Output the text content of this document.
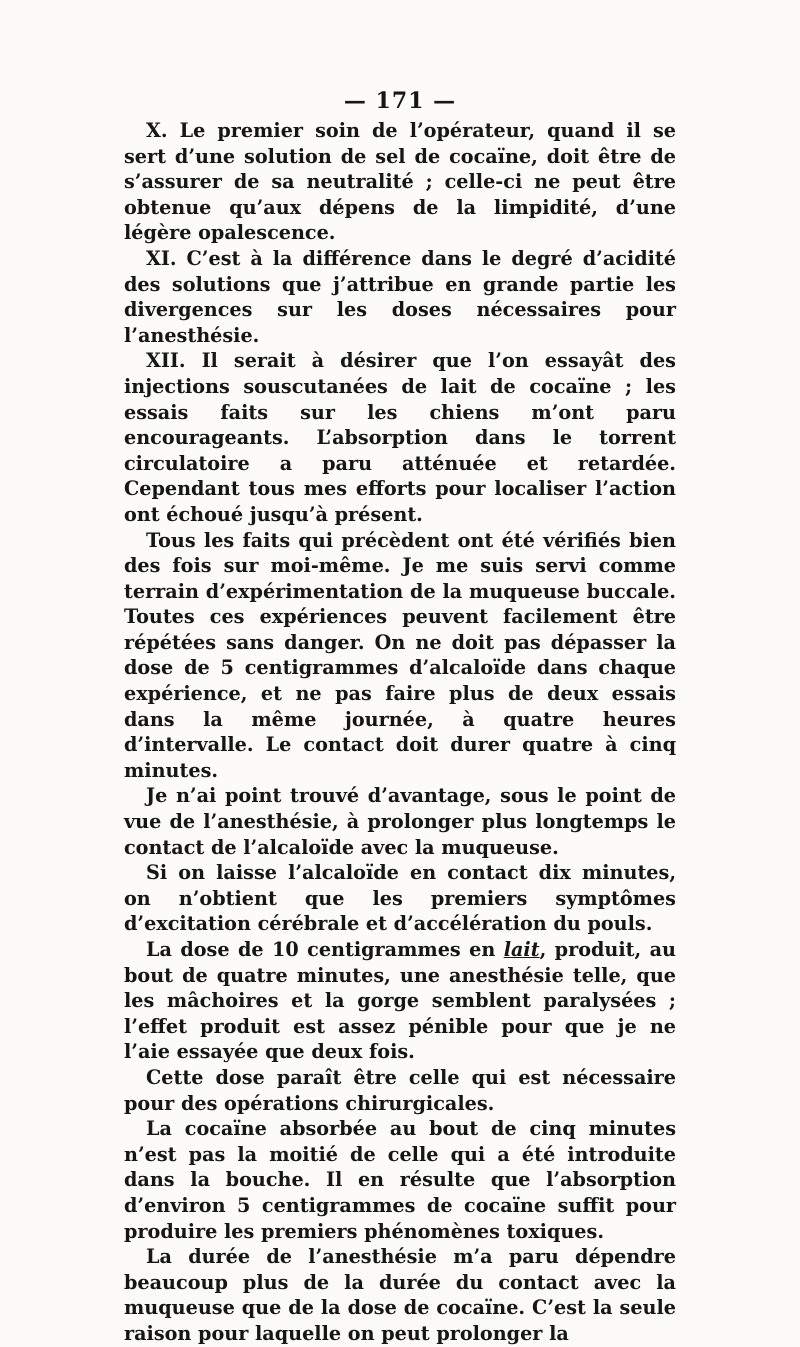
— 171 —

X. Le premier soin de l’opérateur, quand il se sert d’une solution de sel de cocaïne, doit être de s’assurer de sa neutralité ; celle-ci ne peut être obtenue qu’aux dépens de la limpidité, d’une légère opalescence.

XI. C’est à la différence dans le degré d’acidité des solutions que j’attribue en grande partie les divergences sur les doses nécessaires pour l’anesthésie.

XII. Il serait à désirer que l’on essayât des injections souscutanées de lait de cocaïne ; les essais faits sur les chiens m’ont paru encourageants. L’absorption dans le torrent circulatoire a paru atténuée et retardée. Cependant tous mes efforts pour localiser l’action ont échoué jusqu’à présent.

Tous les faits qui précèdent ont été vérifiés bien des fois sur moi-même. Je me suis servi comme terrain d’expérimentation de la muqueuse buccale. Toutes ces expériences peuvent facilement être répétées sans danger. On ne doit pas dépasser la dose de 5 centigrammes d’alcaloïde dans chaque expérience, et ne pas faire plus de deux essais dans la même journée, à quatre heures d’intervalle. Le contact doit durer quatre à cinq minutes.

Je n’ai point trouvé d’avantage, sous le point de vue de l’anesthésie, à prolonger plus longtemps le contact de l’alcaloïde avec la muqueuse.

Si on laisse l’alcaloïde en contact dix minutes, on n’obtient que les premiers symptômes d’excitation cérébrale et d’accélération du pouls.

La dose de 10 centigrammes en lait, produit, au bout de quatre minutes, une anesthésie telle, que les mâchoires et la gorge semblent paralysées ; l’effet produit est assez pénible pour que je ne l’aie essayée que deux fois.

Cette dose paraît être celle qui est nécessaire pour des opérations chirurgicales.

La cocaïne absorbée au bout de cinq minutes n’est pas la moitié de celle qui a été introduite dans la bouche. Il en résulte que l’absorption d’environ 5 centigrammes de cocaïne suffit pour produire les premiers phénomènes toxiques.

La durée de l’anesthésie m’a paru dépendre beaucoup plus de la durée du contact avec la muqueuse que de la dose de cocaïne. C’est la seule raison pour laquelle on peut prolonger la
